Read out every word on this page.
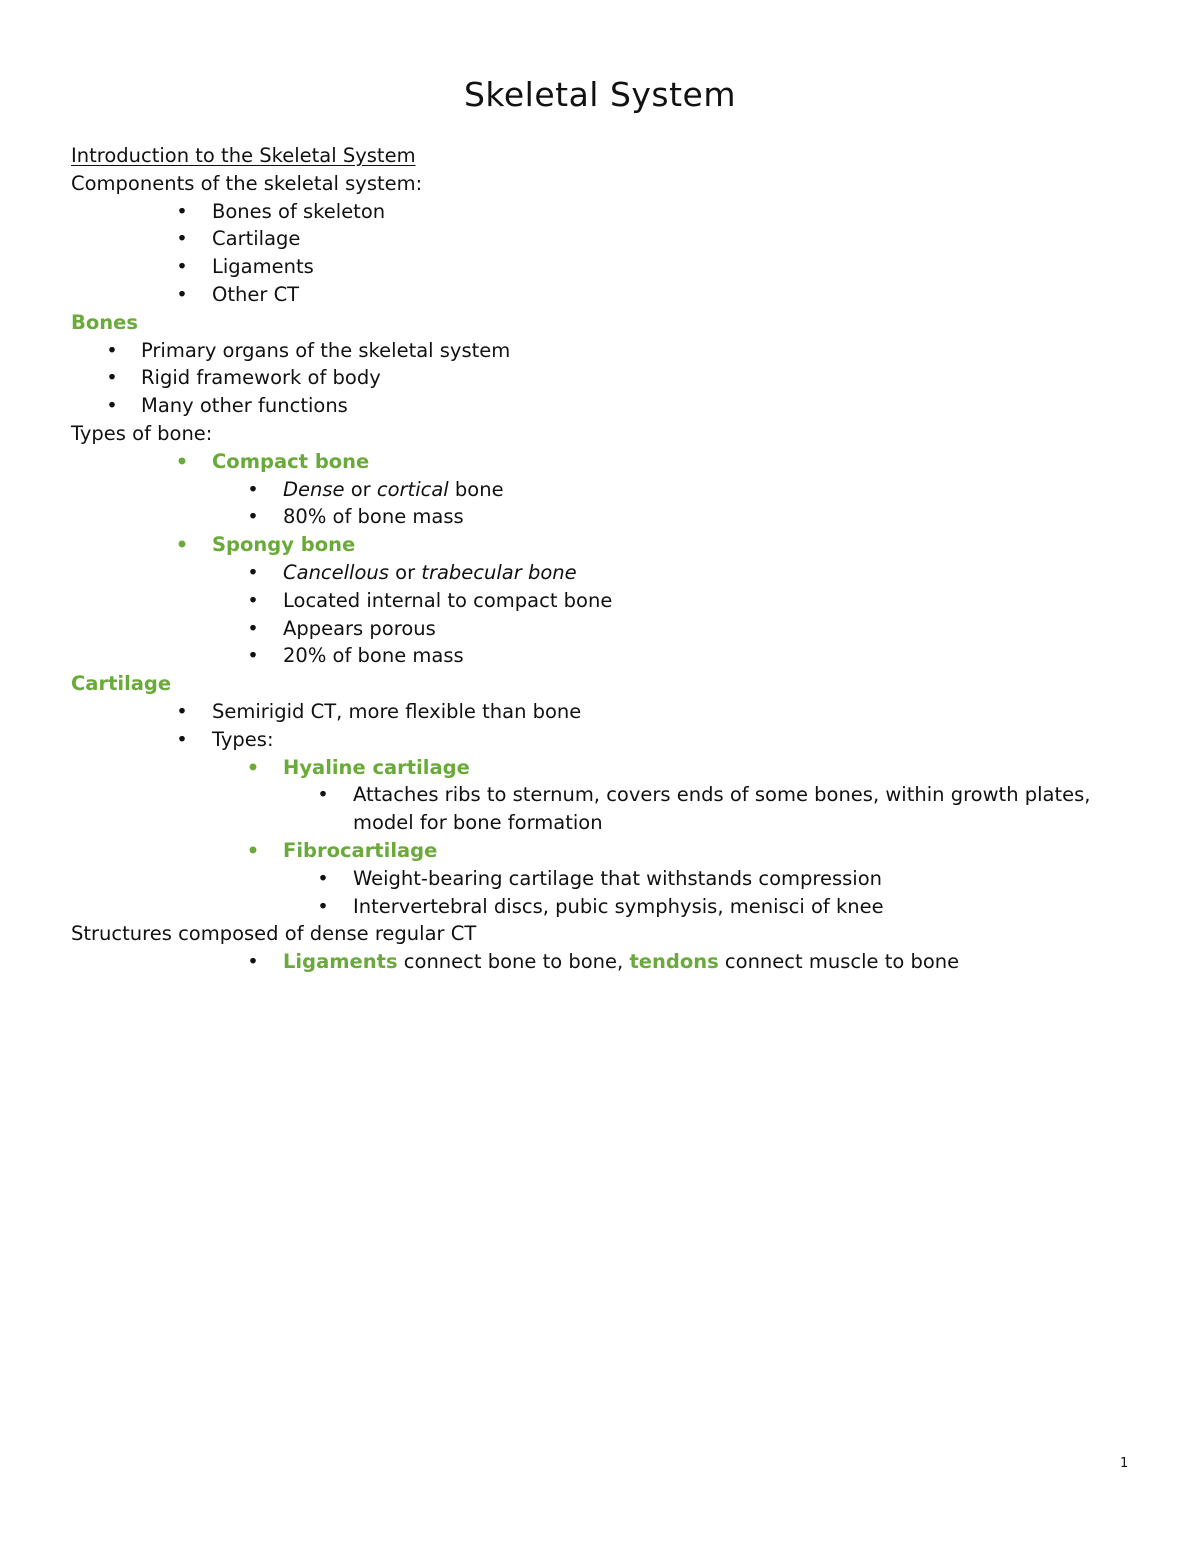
Skeletal System
Introduction to the Skeletal System
Components of the skeletal system:
• Bones of skeleton
• Cartilage
• Ligaments
• Other CT
Bones
• Primary organs of the skeletal system
• Rigid framework of body
• Many other functions
Types of bone:
• Compact bone
• Dense or cortical bone
• 80% of bone mass
• Spongy bone
• Cancellous or trabecular bone
• Located internal to compact bone
• Appears porous
• 20% of bone mass
Cartilage
• Semirigid CT, more flexible than bone
• Types:
• Hyaline cartilage
• Attaches ribs to sternum, covers ends of some bones, within growth plates, model for bone formation
• Fibrocartilage
• Weight-bearing cartilage that withstands compression
• Intervertebral discs, pubic symphysis, menisci of knee
Structures composed of dense regular CT
• Ligaments connect bone to bone, tendons connect muscle to bone
1
